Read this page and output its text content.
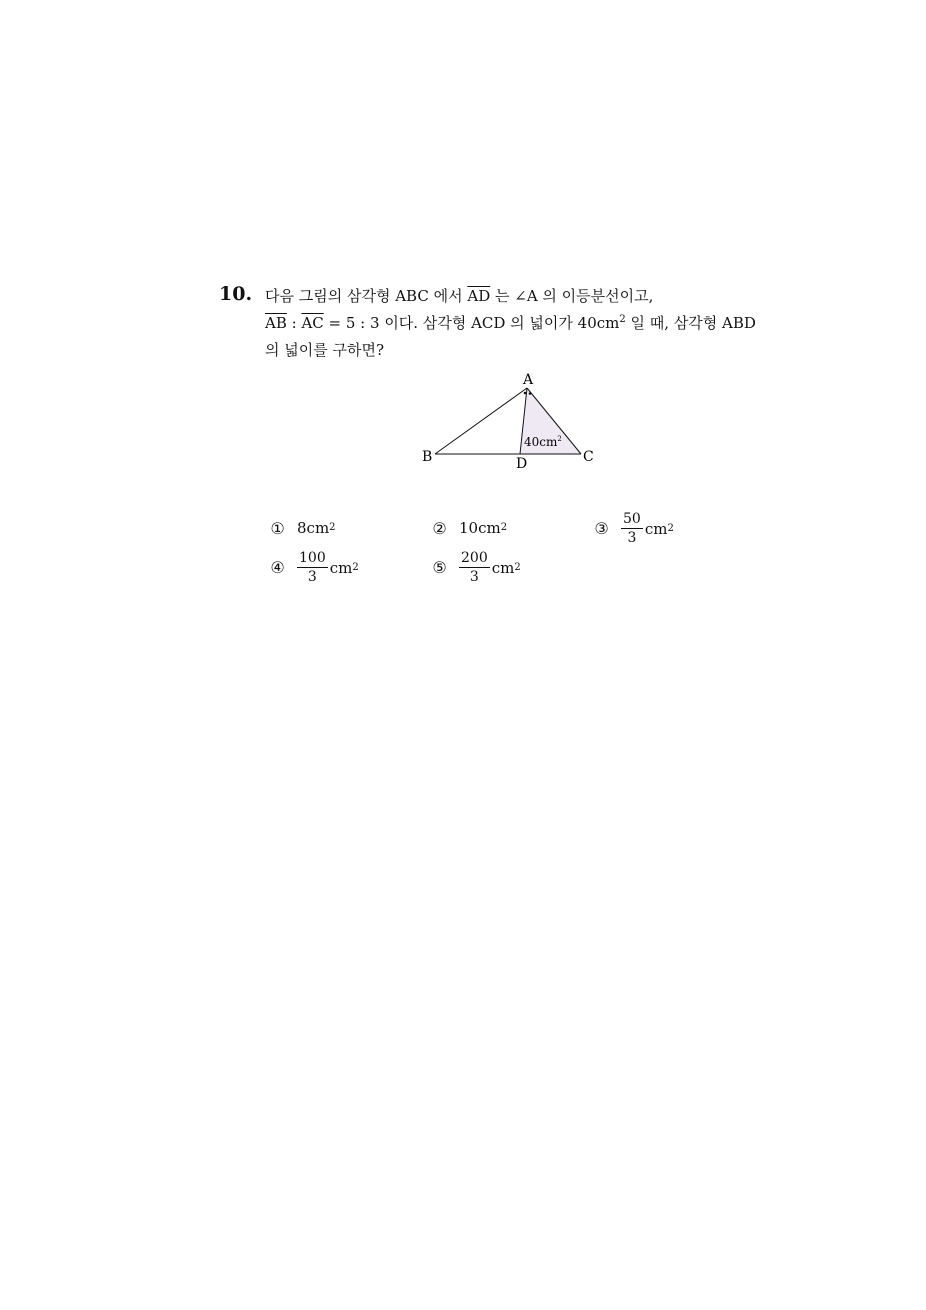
10. 다음 그림의 삼각형 ABC 에서 $\overline{AD}$ 는 ∠A 의 이등분선이고,
$\overline{AB}$ : $\overline{AC} = 5$ : 3 이다. 삼각형 ACD 의 넓이가 $40cm^2$ 일 때, 삼각형 ABD
의 넓이를 구하면?
A
B	C
D
$40cm^2$
① 8cm 2	② 10cm 2	③ $\frac{50}{3}$ cm 2
④ $\frac{100}{3}$ cm 2	⑤ $\frac{200}{3}$ cm 2
